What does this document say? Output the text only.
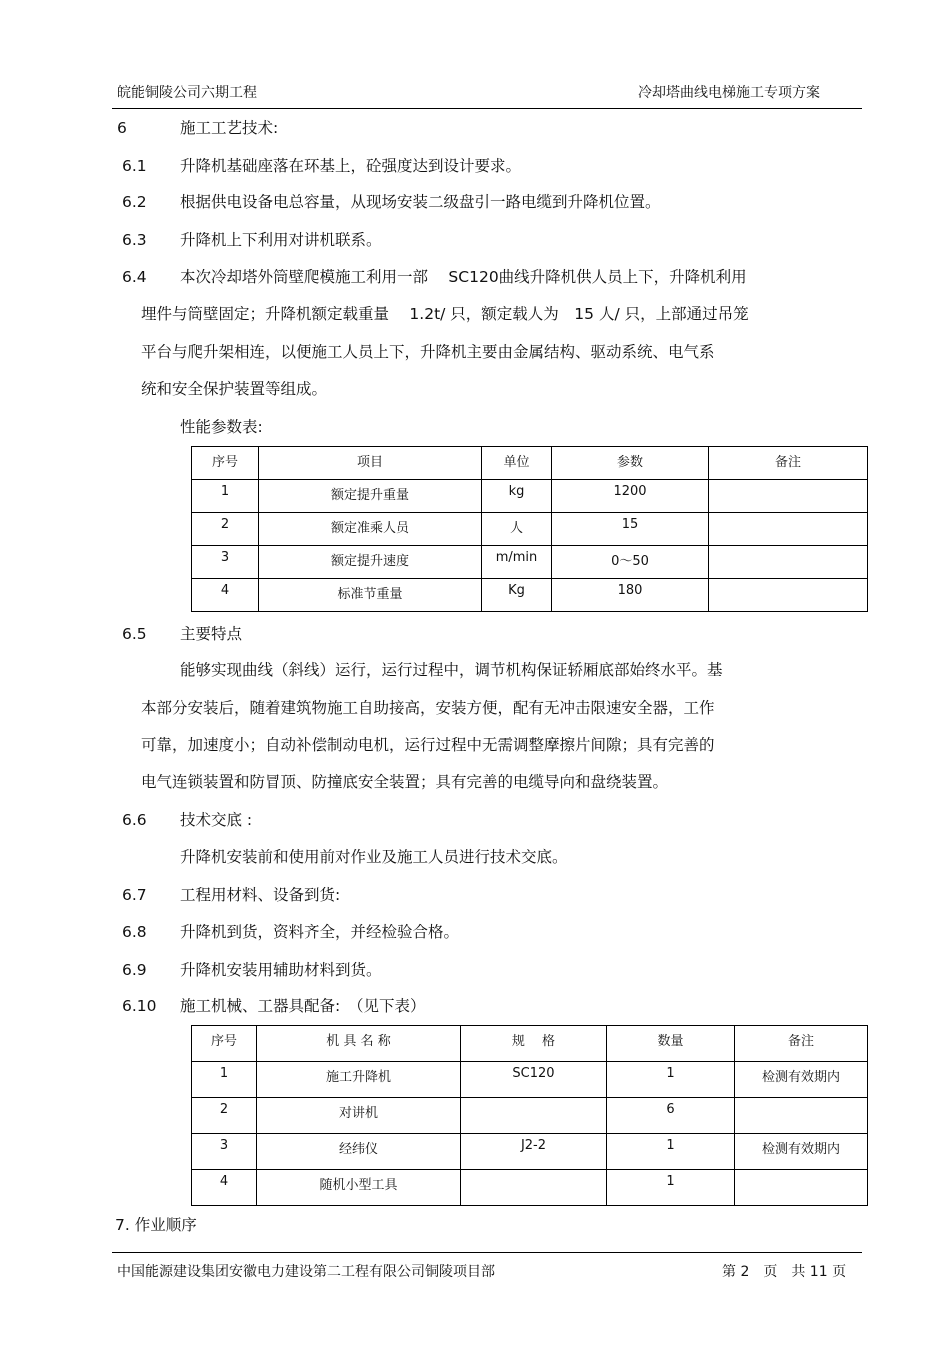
皖能铜陵公司六期工程	冷却塔曲线电梯施工专项方案
6	施工工艺技术:
6.1 升降机基础座落在环基上，砼强度达到设计要求。
6.2 根据供电设备电总容量，从现场安装二级盘引一路电缆到升降机位置。
6.3 升降机上下利用对讲机联系。
6.4 本次冷却塔外筒壁爬模施工利用一部　 SC120曲线升降机供人员上下，升降机利用
埋件与筒壁固定；升降机额定载重量　 1.2t/ 只，额定载人为　15 人/ 只，上部通过吊笼
平台与爬升架相连，以便施工人员上下，升降机主要由金属结构、驱动系统、电气系
统和安全保护装置等组成。
性能参数表:
序号	项目	单位	参数	备注
1	额定提升重量	kg	1200	
2	额定准乘人员	人	15	
3	额定提升速度	m/min	0～50	
4	标准节重量	Kg	180	
6.5 主要特点
能够实现曲线（斜线）运行，运行过程中，调节机构保证轿厢底部始终水平。基
本部分安装后，随着建筑物施工自助接高，安装方便，配有无冲击限速安全器，工作
可靠，加速度小；自动补偿制动电机，运行过程中无需调整摩擦片间隙；具有完善的
电气连锁装置和防冒顶、防撞底安全装置；具有完善的电缆导向和盘绕装置。
6.6 技术交底 :
升降机安装前和使用前对作业及施工人员进行技术交底。
6.7 工程用材料、设备到货:
6.8 升降机到货，资料齐全，并经检验合格。
6.9 升降机安装用辅助材料到货。
6.10 施工机械、工器具配备:　（见下表）
序号	机 具 名 称	规　 格	数量	备注
1	施工升降机	SC120	1	检测有效期内
2	对讲机		6	
3	经纬仪	J2-2	1	检测有效期内
4	随机小型工具		1	
7. 作业顺序
中国能源建设集团安徽电力建设第二工程有限公司铜陵项目部	第 2　页　共 11 页
